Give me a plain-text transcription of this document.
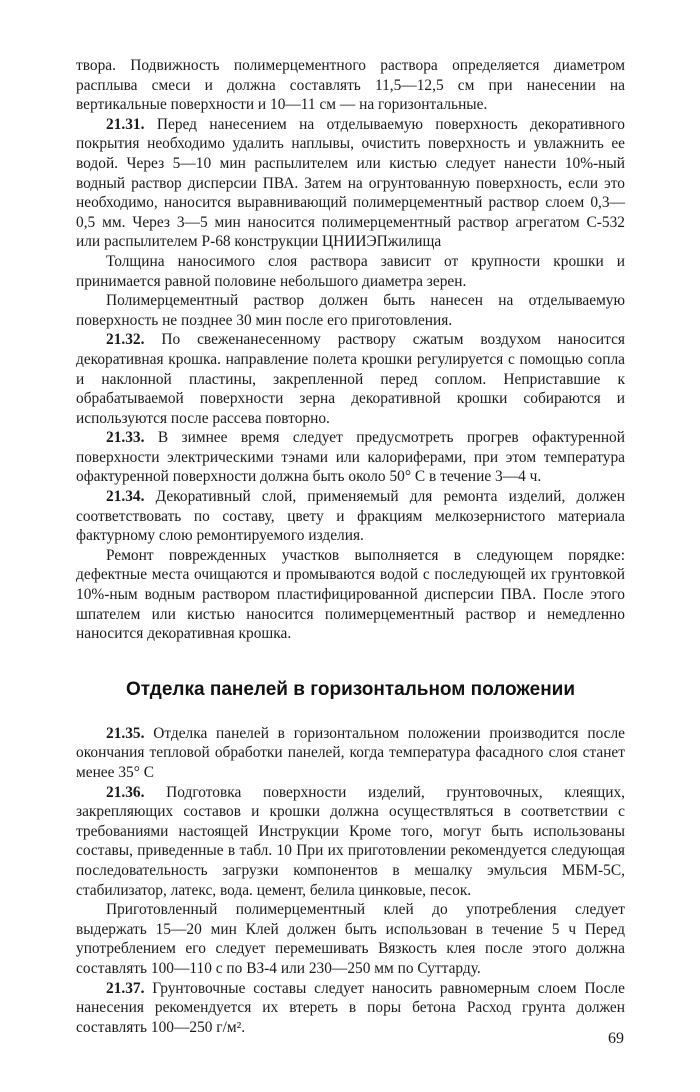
твора. Подвижность полимерцементного раствора определяется диаметром расплыва смеси и должна составлять 11,5—12,5 см при нанесении на вертикальные поверхности и 10—11 см — на горизонтальные.

21.31. Перед нанесением на отделываемую поверхность декоративного покрытия необходимо удалить наплывы, очистить поверхность и увлажнить ее водой. Через 5—10 мин распылителем или кистью следует нанести 10%-ный водный раствор дисперсии ПВА. Затем на огрунтованную поверхность, если это необходимо, наносится выравнивающий полимерцементный раствор слоем 0,3—0,5 мм. Через 3—5 мин наносится полимерцементный раствор агрегатом С-532 или распылителем Р-68 конструкции ЦНИИЭПжилища

Толщина наносимого слоя раствора зависит от крупности крошки и принимается равной половине небольшого диаметра зерен.

Полимерцементный раствор должен быть нанесен на отделываемую поверхность не позднее 30 мин после его приготовления.

21.32. По свеженанесенному раствору сжатым воздухом наносится декоративная крошка. направление полета крошки регулируется с помощью сопла и наклонной пластины, закрепленной перед соплом. Неприставшие к обрабатываемой поверхности зерна декоративной крошки собираются и используются после рассева повторно.

21.33. В зимнее время следует предусмотреть прогрев офактуренной поверхности электрическими тэнами или калориферами, при этом температура офактуренной поверхности должна быть около 50° С в течение 3—4 ч.

21.34. Декоративный слой, применяемый для ремонта изделий, должен соответствовать по составу, цвету и фракциям мелкозернистого материала фактурному слою ремонтируемого изделия.

Ремонт поврежденных участков выполняется в следующем порядке: дефектные места очищаются и промываются водой с последующей их грунтовкой 10%-ным водным раствором пластифицированной дисперсии ПВА. После этого шпателем или кистью наносится полимерцементный раствор и немедленно наносится декоративная крошка.

Отделка панелей в горизонтальном положении

21.35. Отделка панелей в горизонтальном положении производится после окончания тепловой обработки панелей, когда температура фасадного слоя станет менее 35° С

21.36. Подготовка поверхности изделий, грунтовочных, клеящих, закрепляющих составов и крошки должна осуществляться в соответствии с требованиями настоящей Инструкции Кроме того, могут быть использованы составы, приведенные в табл. 10 При их приготовлении рекомендуется следующая последовательность загрузки компонентов в мешалку эмульсия МБМ-5С, стабилизатор, латекс, вода. цемент, белила цинковые, песок.

Приготовленный полимерцементный клей до употребления следует выдержать 15—20 мин Клей должен быть использован в течение 5 ч Перед употреблением его следует перемешивать Вязкость клея после этого должна составлять 100—110 с по ВЗ-4 или 230—250 мм по Суттарду.

21.37. Грунтовочные составы следует наносить равномерным слоем После нанесения рекомендуется их втереть в поры бетона Расход грунта должен составлять 100—250 г/м².

69
